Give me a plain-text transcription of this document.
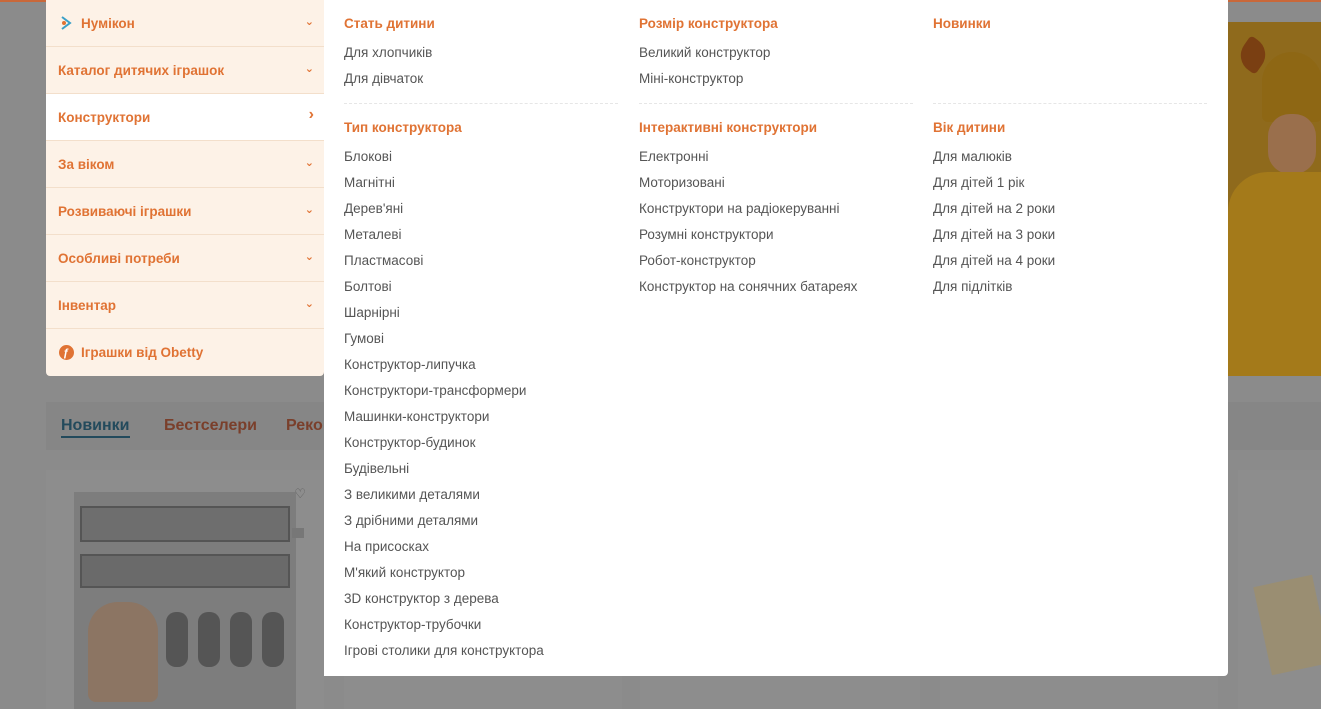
Новинки Бестселери Реко
♡
Нумікон	⌄
Каталог дитячих іграшок	⌄
Конструктори	›
За віком	⌄
Розвиваючі іграшки	⌄
Особливі потреби	⌄
Інвентар	⌄
ƒ Іграшки від Obetty
Стать дитини
Для хлопчиків
Для дівчаток
Тип конструктора
Блокові
Магнітні
Дерев'яні
Металеві
Пластмасові
Болтові
Шарнірні
Гумові
Конструктор-липучка
Конструктори-трансформери
Машинки-конструктори
Конструктор-будинок
Будівельні
З великими деталями
З дрібними деталями
На присосках
М'який конструктор
3D конструктор з дерева
Конструктор-трубочки
Ігрові столики для конструктора
Розмір конструктора
Великий конструктор
Міні-конструктор
Інтерактивні конструктори
Електронні
Моторизовані
Конструктори на радіокеруванні
Розумні конструктори
Робот-конструктор
Конструктор на сонячних батареях
Новинки
Вік дитини
Для малюків
Для дітей 1 рік
Для дітей на 2 роки
Для дітей на 3 роки
Для дітей на 4 роки
Для підлітків
